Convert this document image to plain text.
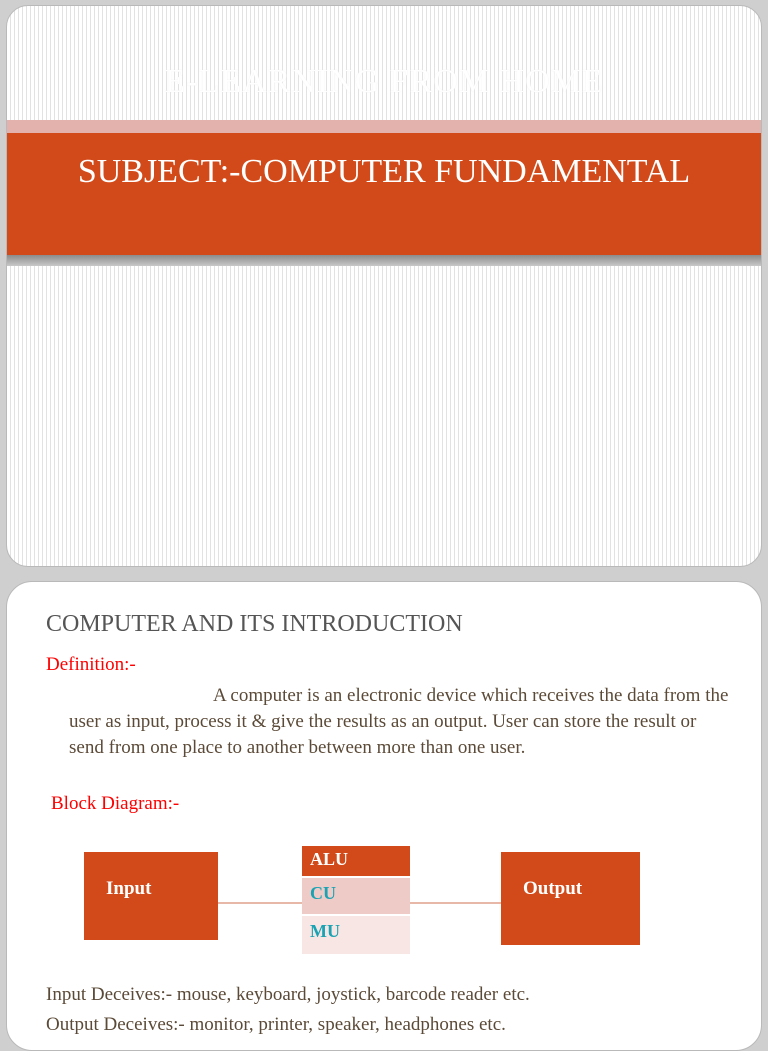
E-LEARNING FROM HOME
SUBJECT:-COMPUTER FUNDAMENTAL
COMPUTER AND ITS INTRODUCTION
Definition:-
A computer is an electronic device which receives the data from the user as input, process it & give the results as an output. User can store the result or send from one place to another between more than one user.
Block Diagram:-
Input
ALU
CU
MU
Output
Input Deceives:- mouse, keyboard, joystick, barcode reader etc.
Output Deceives:- monitor, printer, speaker, headphones etc.
